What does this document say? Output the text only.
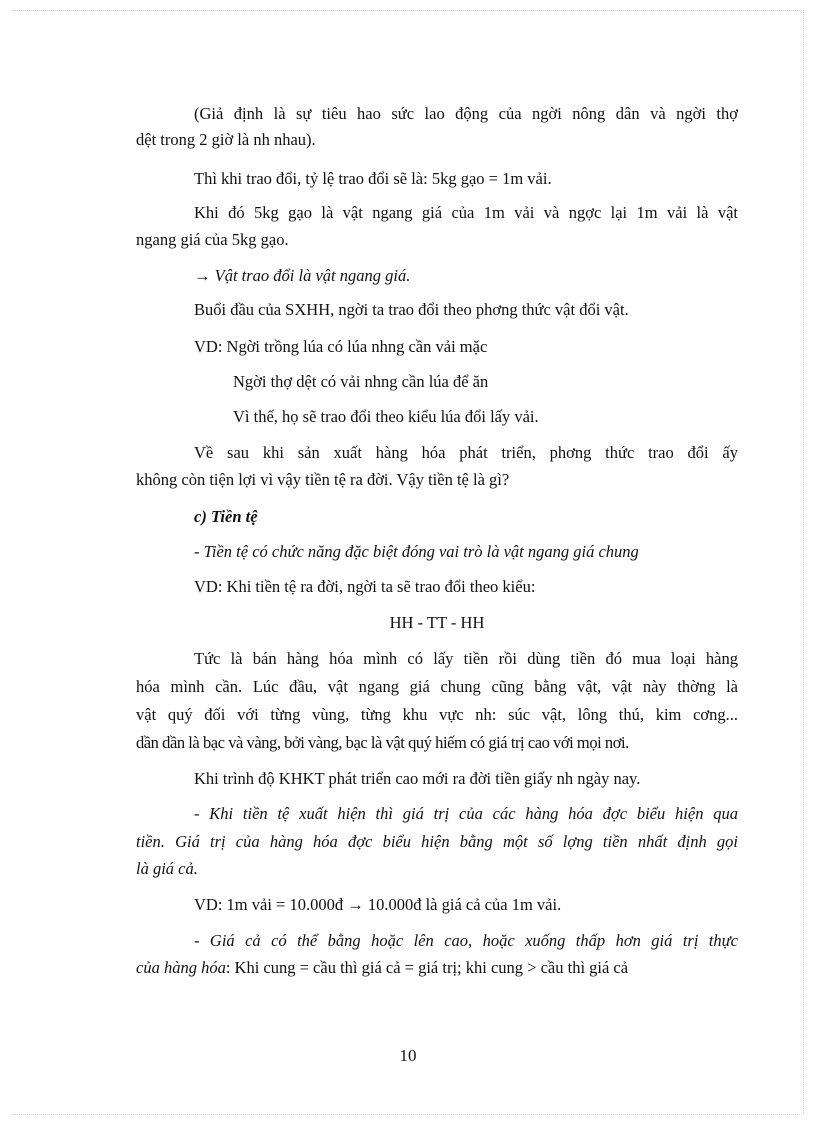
(Giả định là sự tiêu hao sức lao động của ngời nông dân và ngời thợ
dệt trong 2 giờ là nh nhau).
Thì khi trao đổi, tỷ lệ trao đổi sẽ là: 5kg gạo = 1m vải.
Khi đó 5kg gạo là vật ngang giá của 1m vải và ngợc lại 1m vải là vật
ngang giá của 5kg gạo.
→ Vật trao đổi là vật ngang giá.
Buổi đầu của SXHH, ngời ta trao đổi theo phơng thức vật đổi vật.
VD: Ngời trồng lúa có lúa nhng cần vải mặc
Ngời thợ dệt có vải nhng cần lúa để ăn
Vì thế, họ sẽ trao đổi theo kiểu lúa đổi lấy vải.
Về sau khi sản xuất hàng hóa phát triển, phơng thức trao đổi ấy
không còn tiện lợi vì vậy tiền tệ ra đời. Vậy tiền tệ là gì?
c) Tiền tệ
- Tiền tệ có chức năng đặc biệt đóng vai trò là vật ngang giá chung
VD: Khi tiền tệ ra đời, ngời ta sẽ trao đổi theo kiểu:
HH - TT - HH
Tức là bán hàng hóa mình có lấy tiền rồi dùng tiền đó mua loại hàng
hóa mình cần. Lúc đầu, vật ngang giá chung cũng bằng vật, vật này thờng là
vật quý đối với từng vùng, từng khu vực nh: súc vật, lông thú, kim cơng...
dần dần là bạc và vàng, bởi vàng, bạc là vật quý hiếm có giá trị cao với mọi nơi.
Khi trình độ KHKT phát triển cao mới ra đời tiền giấy nh ngày nay.
- Khi tiền tệ xuất hiện thì giá trị của các hàng hóa đợc biểu hiện qua
tiền. Giá trị của hàng hóa đợc biểu hiện bằng một số lợng tiền nhất định gọi
là giá cả.
VD: 1m vải = 10.000đ → 10.000đ là giá cả của 1m vải.
- Giá cả có thể bằng hoặc lên cao, hoặc xuống thấp hơn giá trị thực
của hàng hóa: Khi cung = cầu thì giá cả = giá trị; khi cung > cầu thì giá cả
10
